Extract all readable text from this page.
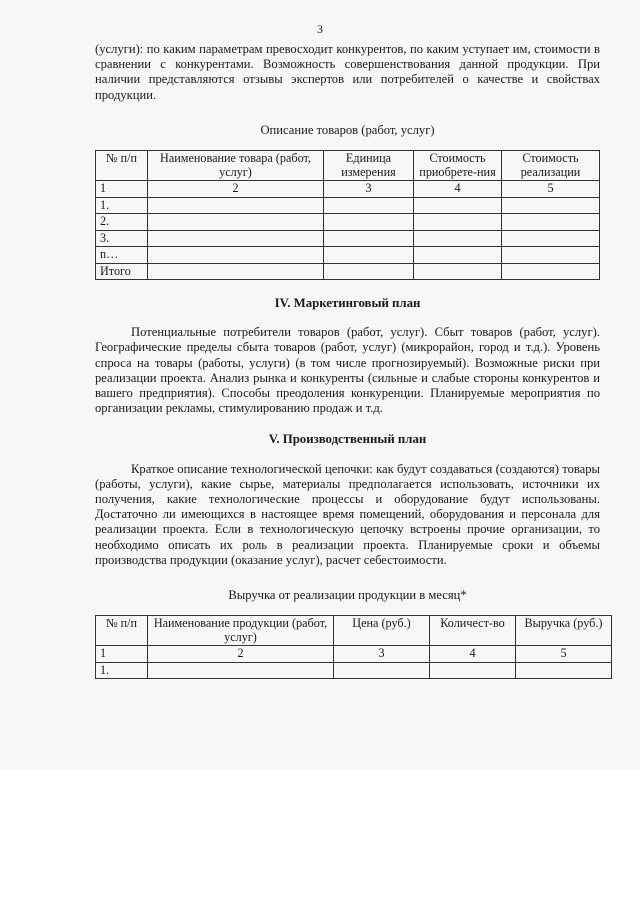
3

(услуги): по каким параметрам превосходит конкурентов, по каким уступает им, стоимости в сравнении с конкурентами. Возможность совершенствования данной продукции. При наличии представляются отзывы экспертов или потребителей о качестве и свойствах продукции.

Описание товаров (работ, услуг)
№ п/п	Наименование товара (работ, услуг)	Единица измерения	Стоимость приобрете-ния	Стоимость реализации
1	2	3	4	5
1.				
2.				
3.				
n…				
Итого				
IV. Маркетинговый план

Потенциальные потребители товаров (работ, услуг). Сбыт товаров (работ, услуг). Географические пределы сбыта товаров (работ, услуг) (микрорайон, город и т.д.). Уровень спроса на товары (работы, услуги) (в том числе прогнозируемый). Возможные риски при реализации проекта. Анализ рынка и конкуренты (сильные и слабые стороны конкурентов и вашего предприятия). Способы преодоления конкуренции. Планируемые мероприятия по организации рекламы, стимулированию продаж и т.д.

V. Производственный план

Краткое описание технологической цепочки: как будут создаваться (создаются) товары (работы, услуги), какие сырье, материалы предполагается использовать, источники их получения, какие технологические процессы и оборудование будут использованы. Достаточно ли имеющихся в настоящее время помещений, оборудования и персонала для реализации проекта. Если в технологическую цепочку встроены прочие организации, то необходимо описать их роль в реализации проекта. Планируемые сроки и объемы производства продукции (оказание услуг), расчет себестоимости.

Выручка от реализации продукции в месяц*
№ п/п	Наименование продукции (работ, услуг)	Цена (руб.)	Количест-во	Выручка (руб.)
1	2	3	4	5
1.				
